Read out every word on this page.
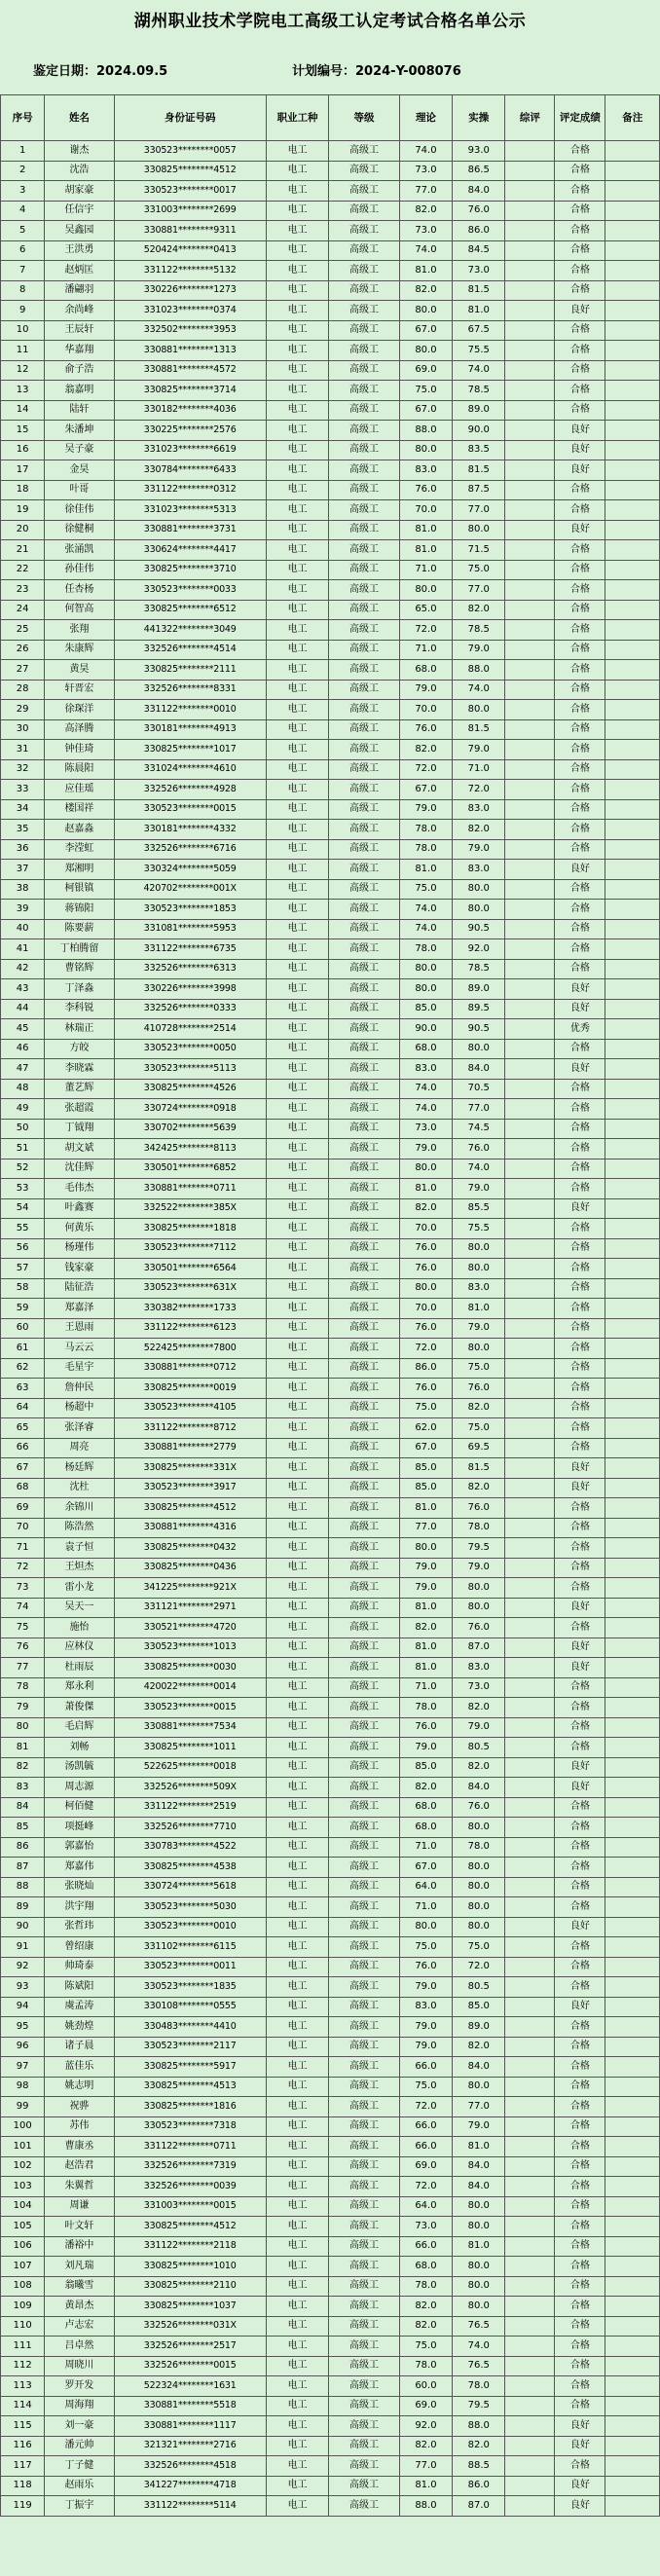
湖州职业技术学院电工高级工认定考试合格名单公示
鉴定日期：2024.09.5	计划编号：2024-Y-008076
序号	姓名	身份证号码	职业工种	等级	理论	实操	综评	评定成绩	备注
1	谢杰	330523********0057	电工	高级工	74.0	93.0		合格	
2	沈浩	330825********4512	电工	高级工	73.0	86.5		合格	
3	胡家豪	330523********0017	电工	高级工	77.0	84.0		合格	
4	任信宇	331003********2699	电工	高级工	82.0	76.0		合格	
5	吴鑫园	330881********9311	电工	高级工	73.0	86.0		合格	
6	王洪勇	520424********0413	电工	高级工	74.0	84.5		合格	
7	赵炳匡	331122********5132	电工	高级工	81.0	73.0		合格	
8	潘翩羽	330226********1273	电工	高级工	82.0	81.5		合格	
9	余尚峰	331023********0374	电工	高级工	80.0	81.0		良好	
10	王辰轩	332502********3953	电工	高级工	67.0	67.5		合格	
11	华嘉翔	330881********1313	电工	高级工	80.0	75.5		合格	
12	俞子浩	330881********4572	电工	高级工	69.0	74.0		合格	
13	翁嘉明	330825********3714	电工	高级工	75.0	78.5		合格	
14	陆轩	330182********4036	电工	高级工	67.0	89.0		合格	
15	朱潘坤	330225********2576	电工	高级工	88.0	90.0		良好	
16	吴子豪	331023********6619	电工	高级工	80.0	83.5		良好	
17	金昊	330784********6433	电工	高级工	83.0	81.5		良好	
18	叶哥	331122********0312	电工	高级工	76.0	87.5		合格	
19	徐佳伟	331023********5313	电工	高级工	70.0	77.0		合格	
20	徐健桐	330881********3731	电工	高级工	81.0	80.0		良好	
21	张涌凯	330624********4417	电工	高级工	81.0	71.5		合格	
22	孙佳伟	330825********3710	电工	高级工	71.0	75.0		合格	
23	任杏杨	330523********0033	电工	高级工	80.0	77.0		合格	
24	何智高	330825********6512	电工	高级工	65.0	82.0		合格	
25	张翔	441322********3049	电工	高级工	72.0	78.5		合格	
26	朱康辉	332526********4514	电工	高级工	71.0	79.0		合格	
27	黄昊	330825********2111	电工	高级工	68.0	88.0		合格	
28	轩晋宏	332526********8331	电工	高级工	79.0	74.0		合格	
29	徐琛洋	331122********0010	电工	高级工	70.0	80.0		合格	
30	高泽腾	330181********4913	电工	高级工	76.0	81.5		合格	
31	钟佳琦	330825********1017	电工	高级工	82.0	79.0		合格	
32	陈晨阳	331024********4610	电工	高级工	72.0	71.0		合格	
33	应佳瑶	332526********4928	电工	高级工	67.0	72.0		合格	
34	楼国祥	330523********0015	电工	高级工	79.0	83.0		合格	
35	赵嘉淼	330181********4332	电工	高级工	78.0	82.0		合格	
36	李滢虹	332526********6716	电工	高级工	78.0	79.0		合格	
37	郑湘明	330324********5059	电工	高级工	81.0	83.0		良好	
38	柯银镇	420702********001X	电工	高级工	75.0	80.0		合格	
39	蒋锦阳	330523********1853	电工	高级工	74.0	80.0		合格	
40	陈要薪	331081********5953	电工	高级工	74.0	90.5		合格	
41	丁柏腾留	331122********6735	电工	高级工	78.0	92.0		合格	
42	曹铭辉	332526********6313	电工	高级工	80.0	78.5		合格	
43	丁泽淼	330226********3998	电工	高级工	80.0	89.0		良好	
44	李科锐	332526********0333	电工	高级工	85.0	89.5		良好	
45	林瑞正	410728********2514	电工	高级工	90.0	90.5		优秀	
46	方皎	330523********0050	电工	高级工	68.0	80.0		合格	
47	李晓霖	330523********5113	电工	高级工	83.0	84.0		良好	
48	董艺辉	330825********4526	电工	高级工	74.0	70.5		合格	
49	张超霞	330724********0918	电工	高级工	74.0	77.0		合格	
50	丁钺翔	330702********5639	电工	高级工	73.0	74.5		合格	
51	胡文斌	342425********8113	电工	高级工	79.0	76.0		合格	
52	沈佳辉	330501********6852	电工	高级工	80.0	74.0		合格	
53	毛伟杰	330881********0711	电工	高级工	81.0	79.0		合格	
54	叶鑫赛	332522********385X	电工	高级工	82.0	85.5		良好	
55	何黄乐	330825********1818	电工	高级工	70.0	75.5		合格	
56	杨瑾伟	330523********7112	电工	高级工	76.0	80.0		合格	
57	钱家豪	330501********6564	电工	高级工	76.0	80.0		合格	
58	陆征浩	330523********631X	电工	高级工	80.0	83.0		合格	
59	郑嘉泽	330382********1733	电工	高级工	70.0	81.0		合格	
60	王恩雨	331122********6123	电工	高级工	76.0	79.0		合格	
61	马云云	522425********7800	电工	高级工	72.0	80.0		合格	
62	毛星宇	330881********0712	电工	高级工	86.0	75.0		合格	
63	詹仲民	330825********0019	电工	高级工	76.0	76.0		合格	
64	杨超中	330523********4105	电工	高级工	75.0	82.0		合格	
65	张泽睿	331122********8712	电工	高级工	62.0	75.0		合格	
66	周亮	330881********2779	电工	高级工	67.0	69.5		合格	
67	杨廷辉	330825********331X	电工	高级工	85.0	81.5		良好	
68	沈杜	330523********3917	电工	高级工	85.0	82.0		良好	
69	余锦川	330825********4512	电工	高级工	81.0	76.0		合格	
70	陈浩然	330881********4316	电工	高级工	77.0	78.0		合格	
71	袁子恒	330825********0432	电工	高级工	80.0	79.5		合格	
72	王炟杰	330825********0436	电工	高级工	79.0	79.0		合格	
73	雷小龙	341225********921X	电工	高级工	79.0	80.0		合格	
74	吴天一	331121********2971	电工	高级工	81.0	80.0		良好	
75	施怡	330521********4720	电工	高级工	82.0	76.0		合格	
76	应林仪	330523********1013	电工	高级工	81.0	87.0		良好	
77	杜雨辰	330825********0030	电工	高级工	81.0	83.0		良好	
78	郑永利	420022********0014	电工	高级工	71.0	73.0		合格	
79	萧俊傑	330523********0015	电工	高级工	78.0	82.0		合格	
80	毛启辉	330881********7534	电工	高级工	76.0	79.0		合格	
81	刘畅	330825********1011	电工	高级工	79.0	80.5		合格	
82	汤凯毓	522625********0018	电工	高级工	85.0	82.0		良好	
83	周志源	332526********509X	电工	高级工	82.0	84.0		良好	
84	柯佰健	331122********2519	电工	高级工	68.0	76.0		合格	
85	项挺峰	332526********7710	电工	高级工	68.0	80.0		合格	
86	郭嘉怡	330783********4522	电工	高级工	71.0	78.0		合格	
87	郑嘉伟	330825********4538	电工	高级工	67.0	80.0		合格	
88	张晓灿	330724********5618	电工	高级工	64.0	80.0		合格	
89	洪宇翔	330523********5030	电工	高级工	71.0	80.0		合格	
90	张哲玮	330523********0010	电工	高级工	80.0	80.0		良好	
91	曾绍康	331102********6115	电工	高级工	75.0	75.0		合格	
92	帅琦泰	330523********0011	电工	高级工	76.0	72.0		合格	
93	陈斌阳	330523********1835	电工	高级工	79.0	80.5		合格	
94	虞孟涛	330108********0555	电工	高级工	83.0	85.0		良好	
95	姚劲煌	330483********4410	电工	高级工	79.0	89.0		合格	
96	诸子晨	330523********2117	电工	高级工	79.0	82.0		合格	
97	蓝佳乐	330825********5917	电工	高级工	66.0	84.0		合格	
98	姚志明	330825********4513	电工	高级工	75.0	80.0		合格	
99	祝骅	330825********1816	电工	高级工	72.0	77.0		合格	
100	苏伟	330523********7318	电工	高级工	66.0	79.0		合格	
101	曹康丞	331122********0711	电工	高级工	66.0	81.0		合格	
102	赵浩君	332526********7319	电工	高级工	69.0	84.0		合格	
103	朱翼哲	332526********0039	电工	高级工	72.0	84.0		合格	
104	周谦	331003********0015	电工	高级工	64.0	80.0		合格	
105	叶文轩	330825********4512	电工	高级工	73.0	80.0		合格	
106	潘裕中	331122********2118	电工	高级工	66.0	81.0		合格	
107	刘凡瑞	330825********1010	电工	高级工	68.0	80.0		合格	
108	翁曦雪	330825********2110	电工	高级工	78.0	80.0		合格	
109	黄昂杰	330825********1037	电工	高级工	82.0	80.0		合格	
110	卢志宏	332526********031X	电工	高级工	82.0	76.5		合格	
111	吕卓然	332526********2517	电工	高级工	75.0	74.0		合格	
112	周晓川	332526********0015	电工	高级工	78.0	76.5		合格	
113	罗开发	522324********1631	电工	高级工	60.0	78.0		合格	
114	周海翔	330881********5518	电工	高级工	69.0	79.5		合格	
115	刘一豪	330881********1117	电工	高级工	92.0	88.0		良好	
116	潘元帅	321321********2716	电工	高级工	82.0	82.0		良好	
117	丁子健	332526********4518	电工	高级工	77.0	88.5		合格	
118	赵雨乐	341227********4718	电工	高级工	81.0	86.0		良好	
119	丁振宇	331122********5114	电工	高级工	88.0	87.0		良好	
